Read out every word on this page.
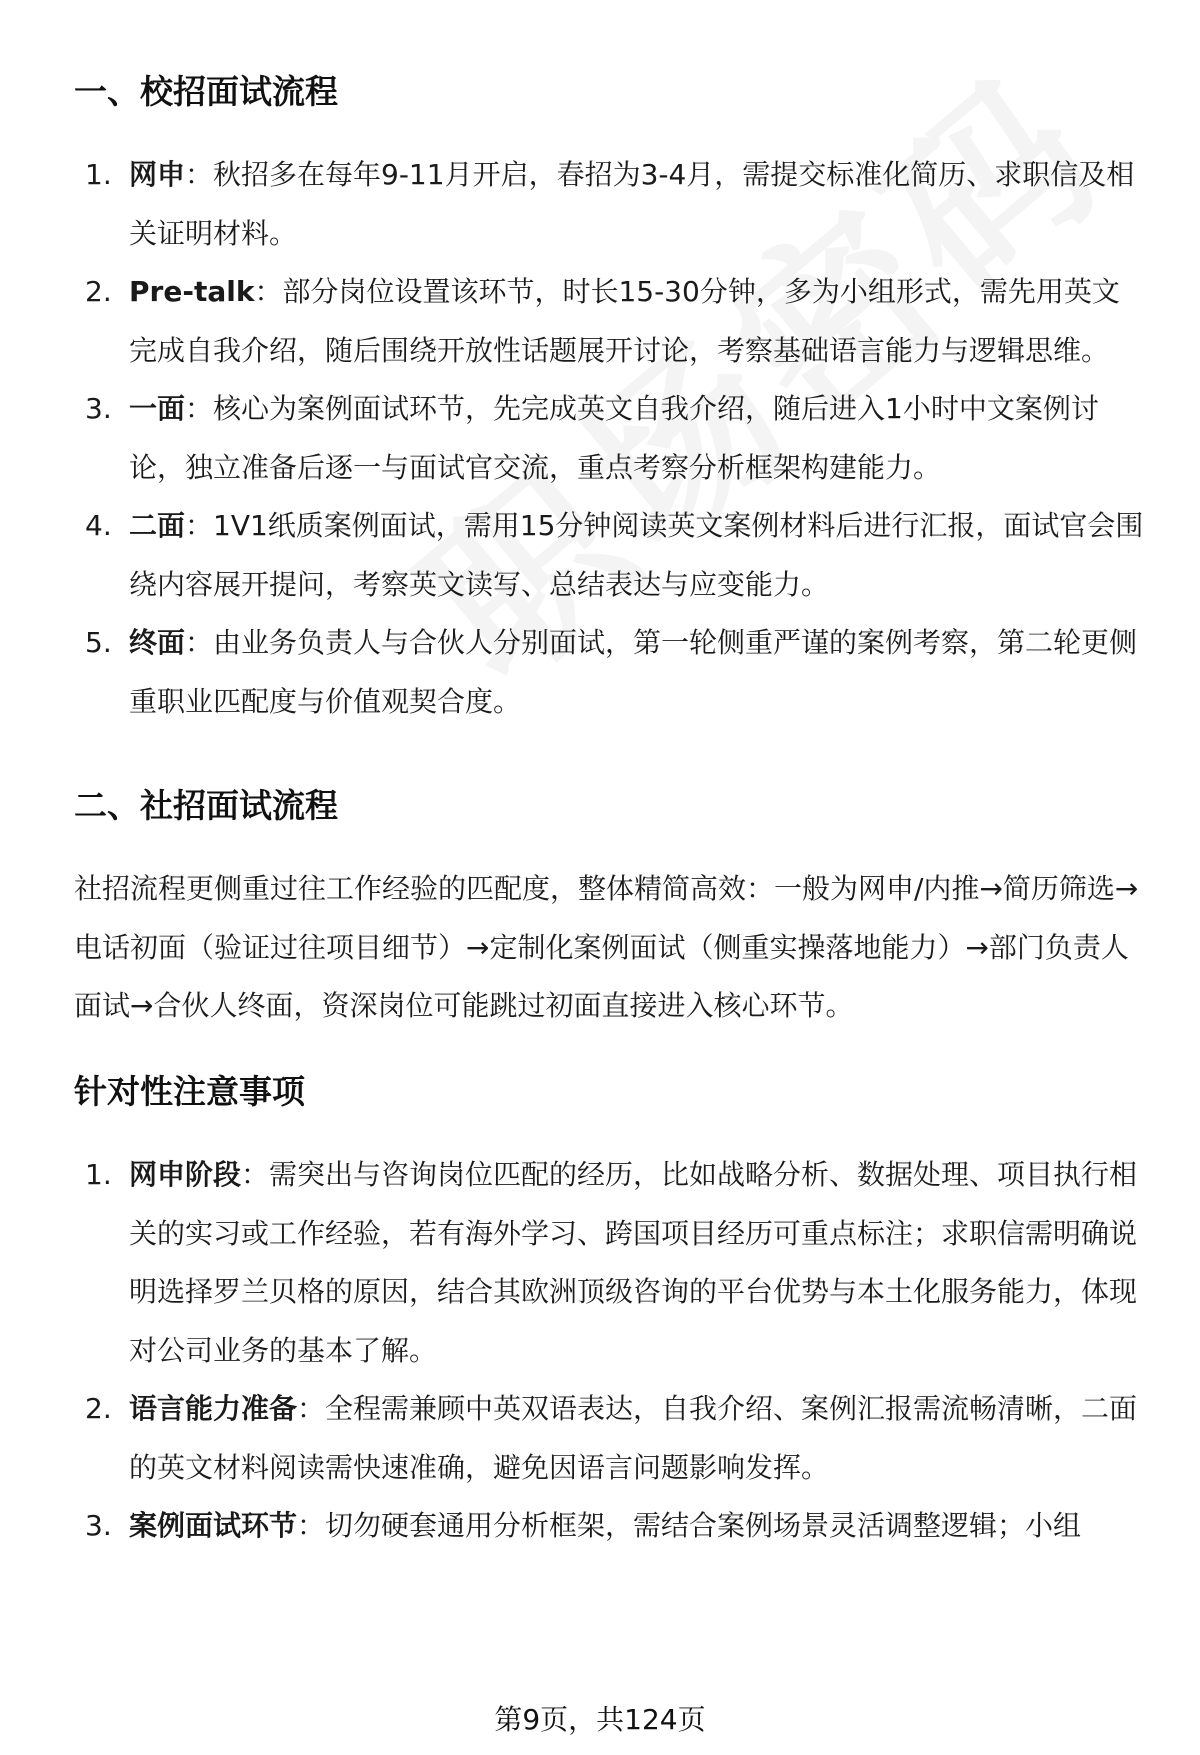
一、校招面试流程
1. 网申：秋招多在每年9-11月开启，春招为3-4月，需提交标准化简历、求职信及相关证明材料。
2. Pre-talk：部分岗位设置该环节，时长15-30分钟，多为小组形式，需先用英文完成自我介绍，随后围绕开放性话题展开讨论，考察基础语言能力与逻辑思维。
3. 一面：核心为案例面试环节，先完成英文自我介绍，随后进入1小时中文案例讨论，独立准备后逐一与面试官交流，重点考察分析框架构建能力。
4. 二面：1V1纸质案例面试，需用15分钟阅读英文案例材料后进行汇报，面试官会围绕内容展开提问，考察英文读写、总结表达与应变能力。
5. 终面：由业务负责人与合伙人分别面试，第一轮侧重严谨的案例考察，第二轮更侧重职业匹配度与价值观契合度。
二、社招面试流程

社招流程更侧重过往工作经验的匹配度，整体精简高效：一般为网申/内推→简历筛选→电话初面（验证过往项目细节）→定制化案例面试（侧重实操落地能力）→部门负责人面试→合伙人终面，资深岗位可能跳过初面直接进入核心环节。

针对性注意事项
1. 网申阶段：需突出与咨询岗位匹配的经历，比如战略分析、数据处理、项目执行相关的实习或工作经验，若有海外学习、跨国项目经历可重点标注；求职信需明确说明选择罗兰贝格的原因，结合其欧洲顶级咨询的平台优势与本土化服务能力，体现对公司业务的基本了解。
2. 语言能力准备：全程需兼顾中英双语表达，自我介绍、案例汇报需流畅清晰，二面的英文材料阅读需快速准确，避免因语言问题影响发挥。
3. 案例面试环节：切勿硬套通用分析框架，需结合案例场景灵活调整逻辑；小组
第9页，共124页
